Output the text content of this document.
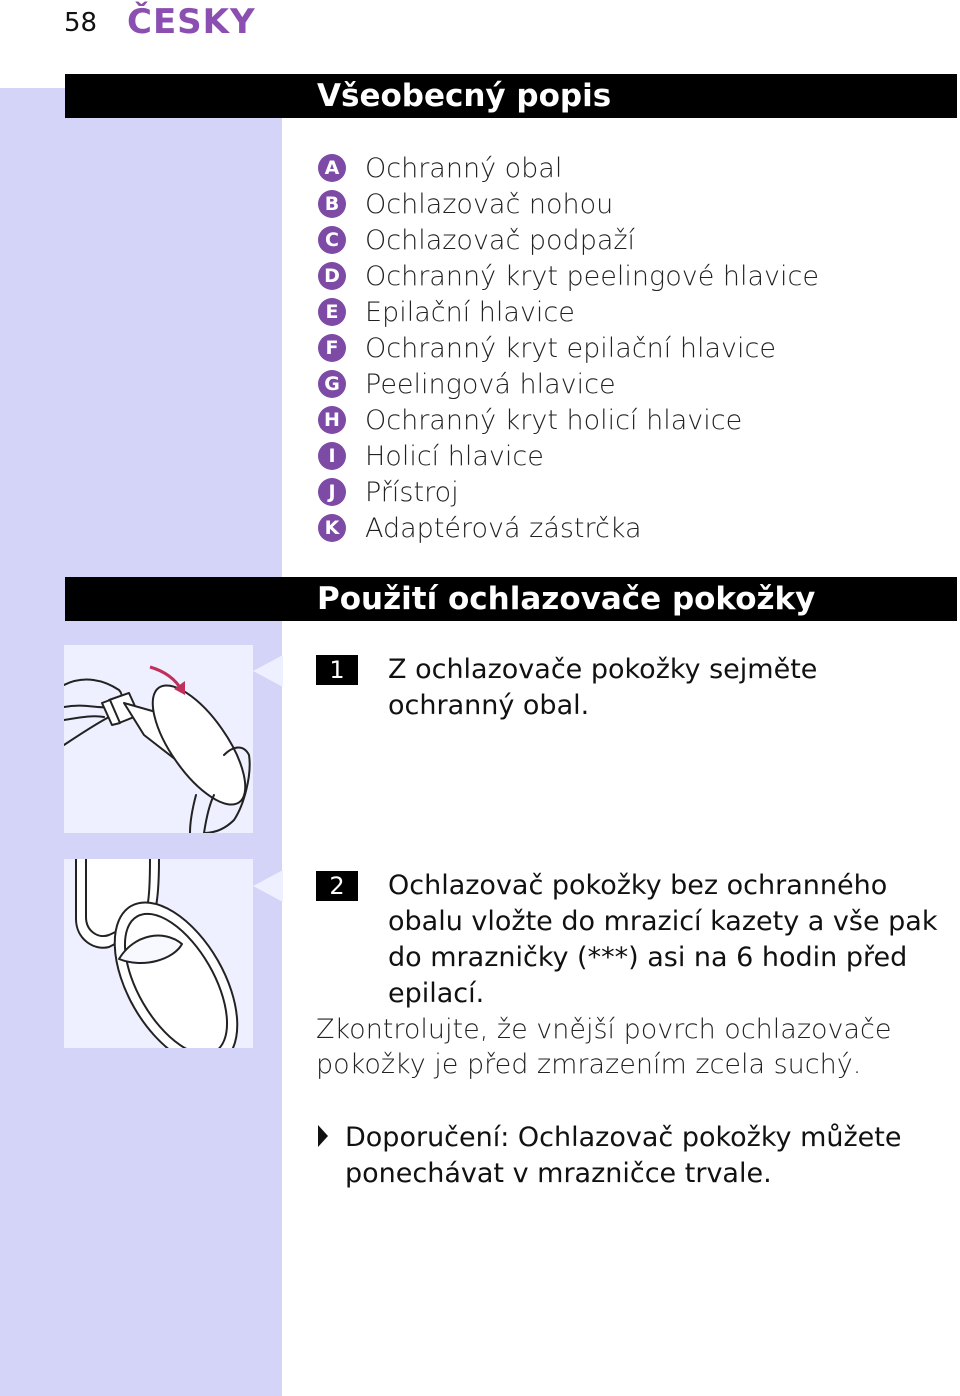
58 ČESKY
Všeobecný popis
A Ochranný obal
B Ochlazovač nohou
C Ochlazovač podpaží
D Ochranný kryt peelingové hlavice
E Epilační hlavice
F Ochranný kryt epilační hlavice
G Peelingová hlavice
H Ochranný kryt holicí hlavice
I	Holicí hlavice
J	Přístroj
K Adaptérová zástrčka
Použití ochlazovače pokožky
1	Z ochlazovače pokožky sejměte ochranný obal.
2	Ochlazovač pokožky bez ochranného obalu vložte do mrazicí kazety a vše pak do mrazničky (***) asi na 6 hodin před epilací.
Zkontrolujte, že vnější povrch ochlazovače pokožky je před zmrazením zcela suchý.
Doporučení: Ochlazovač pokožky můžete ponechávat v mrazničce trvale.
